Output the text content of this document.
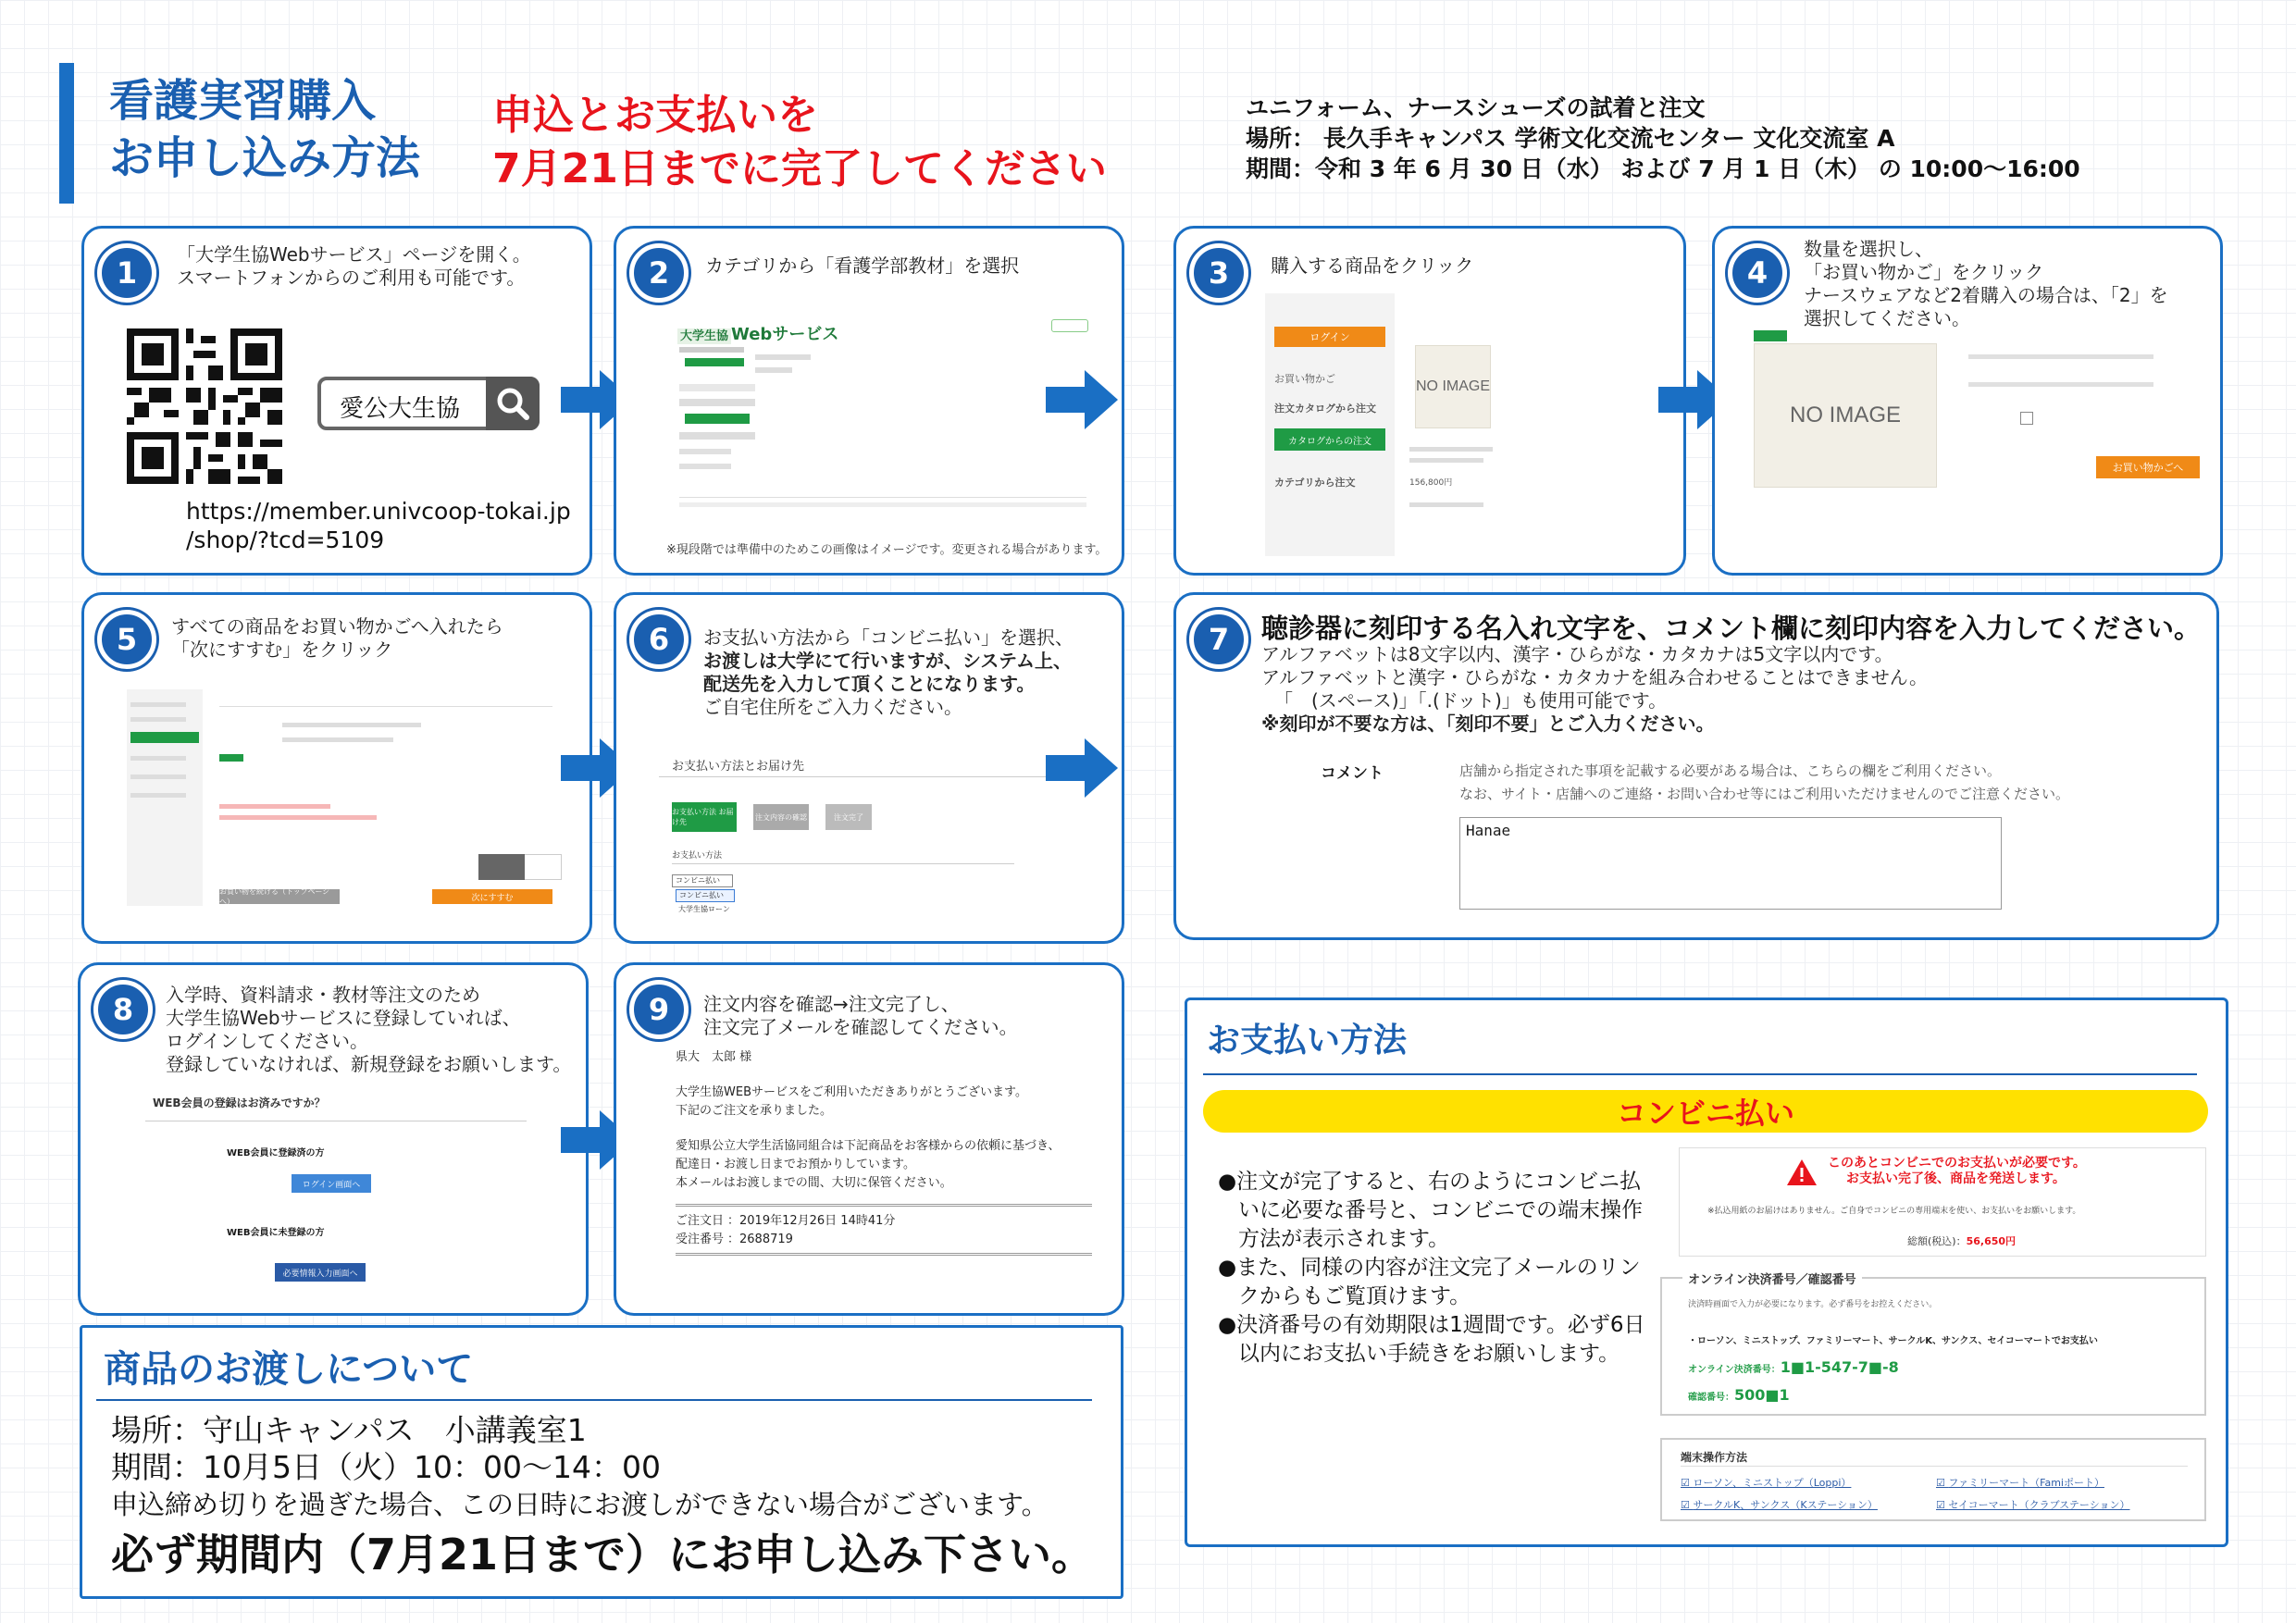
看護実習購入
お申し込み方法
申込とお支払いを
7月21日までに完了してください
ユニフォーム、ナースシューズの試着と注文
場所： 長久手キャンパス 学術文化交流センター 文化交流室 A
期間：令和 3 年 6 月 30 日（水） および 7 月 1 日（木） の 10:00～16:00
1
「大学生協Webサービス」ページを開く。
スマートフォンからのご利用も可能です。
愛公大生協
https://member.univcoop-tokai.jp
/shop/?tcd=5109
2	カテゴリから「看護学部教材」を選択
大学生協 Webサービス
※現段階では準備中のためこの画像はイメージです。変更される場合があります。
3	購入する商品をクリック
ログイン
お買い物かご
注文カタログから注文
カタログからの注文
カテゴリから注文
NO IMAGE
156,800円
4
数量を選択し、
「お買い物かご」をクリック
ナースウェアなど2着購入の場合は、「2」を
選択してください。
NO IMAGE
お買い物かごへ
5	すべての商品をお買い物かごへ入れたら
「次にすすむ」をクリック
お買い物を続ける（トップページへ）	次にすすむ
6	お支払い方法から「コンビニ払い」を選択、
お渡しは大学にて行いますが、システム上、
配送先を入力して頂くことになります。
ご自宅住所をご入力ください。
お支払い方法とお届け先
お支払い方法 お届け先
注文内容の確認	注文完了
お支払い方法
コンビニ払い
コンビニ払い
大学生協ローン
7	聴診器に刻印する名入れ文字を、コメント欄に刻印内容を入力してください。
アルファベットは8文字以内、漢字・ひらがな・カタカナは5文字以内です。
アルファベットと漢字・ひらがな・カタカナを組み合わせることはできません。
「　(スペース)」「.(ドット)」も使用可能です。
※刻印が不要な方は、「刻印不要」とご入力ください。
コメント	店舗から指定された事項を記載する必要がある場合は、こちらの欄をご利用ください。
なお、サイト・店舗へのご連絡・お問い合わせ等にはご利用いただけませんのでご注意ください。
Hanae
8	入学時、資料請求・教材等注文のため
大学生協Webサービスに登録していれば、
ログインしてください。
登録していなければ、新規登録をお願いします。
WEB会員の登録はお済みですか？
WEB会員に登録済の方
ログイン画面へ
WEB会員に未登録の方
必要情報入力画面へ
9	注文内容を確認→注文完了し、
注文完了メールを確認してください。
県大　太郎 様
大学生協WEBサービスをご利用いただきありがとうございます。
下記のご注文を承りました。
愛知県公立大学生活協同組合は下記商品をお客様からの依頼に基づき、
配達日・お渡し日までお預かりしています。
本メールはお渡しまでの間、大切に保管ください。
ご注文日 ：2019年12月26日 14時41分
受注番号 ：2688719
お支払い方法
コンビニ払い
●注文が完了すると、右のようにコンビニ払
いに必要な番号と、コンビニでの端末操作
方法が表示されます。
●また、同様の内容が注文完了メールのリン
クからもご覧頂けます。
●決済番号の有効期限は1週間です。必ず6日
以内にお支払い手続きをお願いします。
このあとコンビニでのお支払いが必要です。
お支払い完了後、商品を発送します。
※払込用紙のお届けはありません。ご自身でコンビニの専用端末を使い、お支払いをお願いします。
総額(税込)：56,650円
オンライン決済番号／確認番号
決済時画面で入力が必要になります。必ず番号をお控えください。
・ローソン、ミニストップ、ファミリーマート、サークルK、サンクス、セイコーマートでお支払い
オンライン決済番号：1■1-547-7■-8
確認番号：500■1
端末操作方法
☑ ローソン、ミニストップ（Loppi）	☑ ファミリーマート（Famiポート）
☑ サークルK、サンクス（Kステーション）	☑ セイコーマート（クラブステーション）
商品のお渡しについて
場所：守山キャンパス　小講義室1
期間：10月5日（火）10：00～14：00
申込締め切りを過ぎた場合、この日時にお渡しができない場合がございます。
必ず期間内（7月21日まで）にお申し込み下さい。
